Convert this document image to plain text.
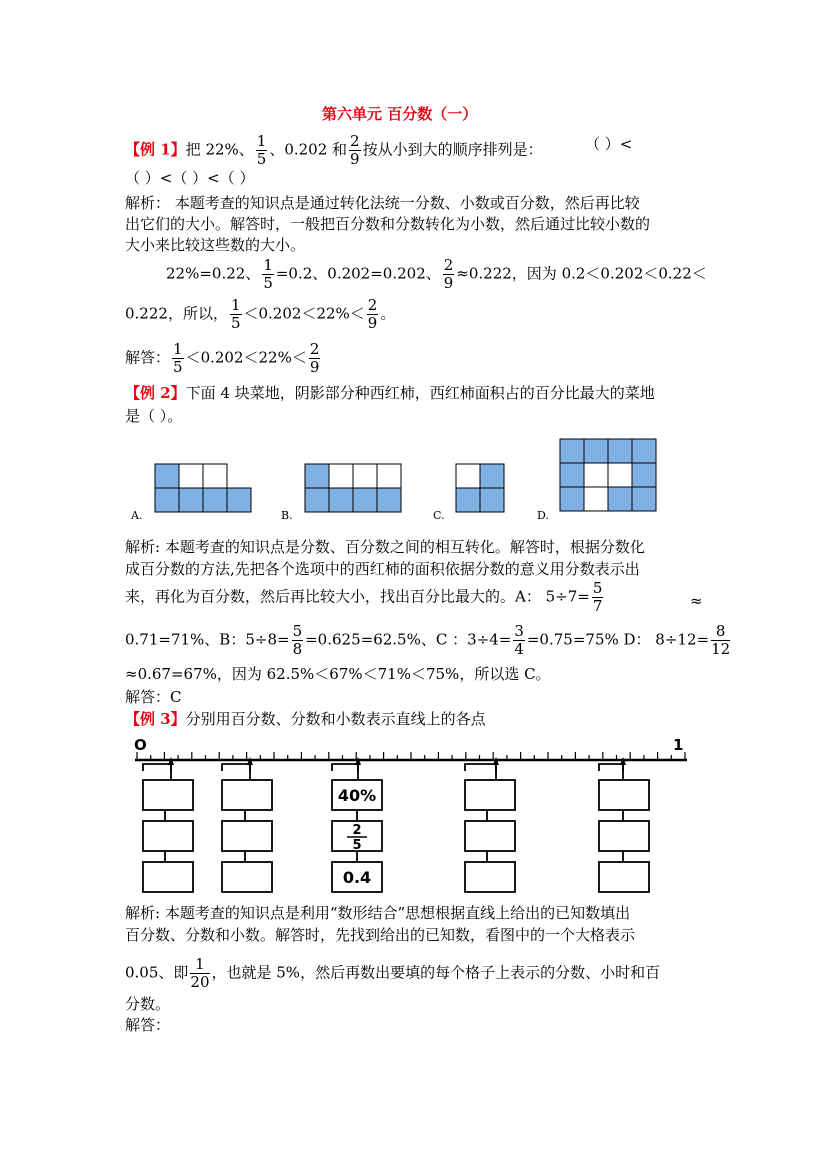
第六单元 百分数（一）
【例 1】把 22%、 $\frac{1}{5}$ 、0.202 和 $\frac{2}{9}$ 按从小到大的顺序排列是：	（ ）<
（ ）<（ ）<（ ）
解析： 本题考查的知识点是通过转化法统一分数、小数或百分数，然后再比较
出它们的大小。解答时，一般把百分数和分数转化为小数，然后通过比较小数的
大小来比较这些数的大小。
22%=0.22、 $\frac{1}{5} =0.2$、0.202=0.202、 $\frac{2}{9} \approx 0.222$，因为 0.2＜0.202＜0.22＜
0.222，所以， $\frac{1}{5} <0.202<22\%< \frac{2}{9}$ 。
解答： $\frac{1}{5} <0.202<22\%< \frac{2}{9}$
【例 2】下面 4 块菜地，阴影部分种西红柿，西红柿面积占的百分比最大的菜地
是（ ）。
A.	B.	C.	D.
解析: 本题考查的知识点是分数、百分数之间的相互转化。解答时，根据分数化
成百分数的方法,先把各个选项中的西红柿的面积依据分数的意义用分数表示出
来，再化为百分数，然后再比较大小，找出百分比最大的。A： $5\div 7= \frac{5}{7}$	≈
0.71=71%、B：$5\div 8= \frac{5}{8} =0.625=62.5\%$、C ：$3\div 4= \frac{3}{4} =0.75=75\%$ D： $8\div 12= \frac{8}{12}$
≈0.67=67%，因为 62.5%＜67%＜71%＜75%，所以选 C。
解答：C
【例 3】分别用百分数、分数和小数表示直线上的各点
O	1
40%
2
5
0.4
解析: 本题考查的知识点是利用“数形结合”思想根据直线上给出的已知数填出
百分数、分数和小数。解答时，先找到给出的已知数，看图中的一个大格表示
0.05、即 $\frac{1}{20}$ ，也就是 5%，然后再数出要填的每个格子上表示的分数、小时和百
分数。
解答：
